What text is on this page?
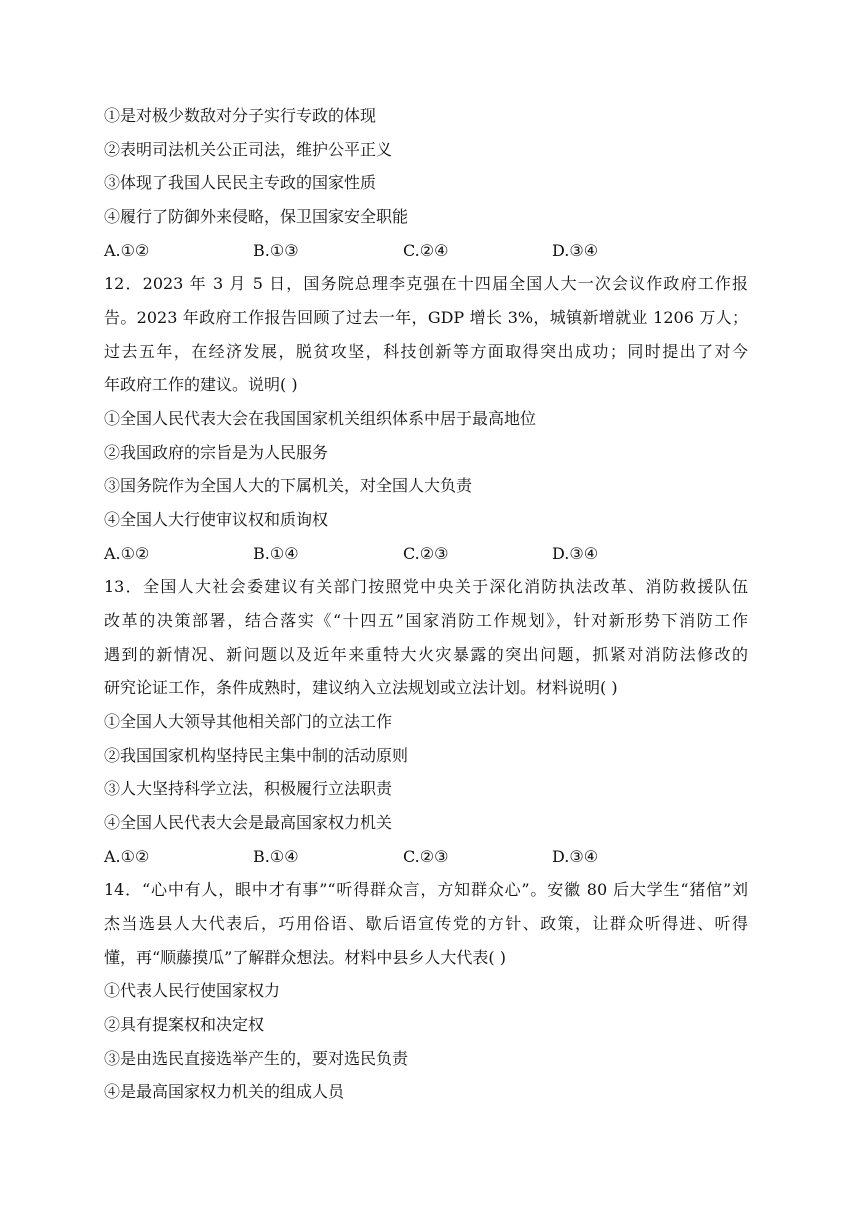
①是对极少数敌对分子实行专政的体现
②表明司法机关公正司法，维护公平正义
③体现了我国人民民主专政的国家性质
④履行了防御外来侵略，保卫国家安全职能
A.①②	B.①③	C.②④	D.③④
12．2023 年 3 月 5 日，国务院总理李克强在十四届全国人大一次会议作政府工作报
告。2023 年政府工作报告回顾了过去一年，GDP 增长 3%，城镇新增就业 1206 万人；
过去五年，在经济发展，脱贫攻坚，科技创新等方面取得突出成功；同时提出了对今
年政府工作的建议。说明( )
①全国人民代表大会在我国国家机关组织体系中居于最高地位
②我国政府的宗旨是为人民服务
③国务院作为全国人大的下属机关，对全国人大负责
④全国人大行使审议权和质询权
A.①②	B.①④	C.②③	D.③④
13．全国人大社会委建议有关部门按照党中央关于深化消防执法改革、消防救援队伍
改革的决策部署，结合落实《“十四五”国家消防工作规划》，针对新形势下消防工作
遇到的新情况、新问题以及近年来重特大火灾暴露的突出问题，抓紧对消防法修改的
研究论证工作，条件成熟时，建议纳入立法规划或立法计划。材料说明( )
①全国人大领导其他相关部门的立法工作
②我国国家机构坚持民主集中制的活动原则
③人大坚持科学立法，积极履行立法职责
④全国人民代表大会是最高国家权力机关
A.①②	B.①④	C.②③	D.③④
14．“心中有人，眼中才有事”“听得群众言，方知群众心”。安徽 80 后大学生“猪倌”刘
杰当选县人大代表后，巧用俗语、歇后语宣传党的方针、政策，让群众听得进、听得
懂，再“顺藤摸瓜”了解群众想法。材料中县乡人大代表( )
①代表人民行使国家权力
②具有提案权和决定权
③是由选民直接选举产生的，要对选民负责
④是最高国家权力机关的组成人员
